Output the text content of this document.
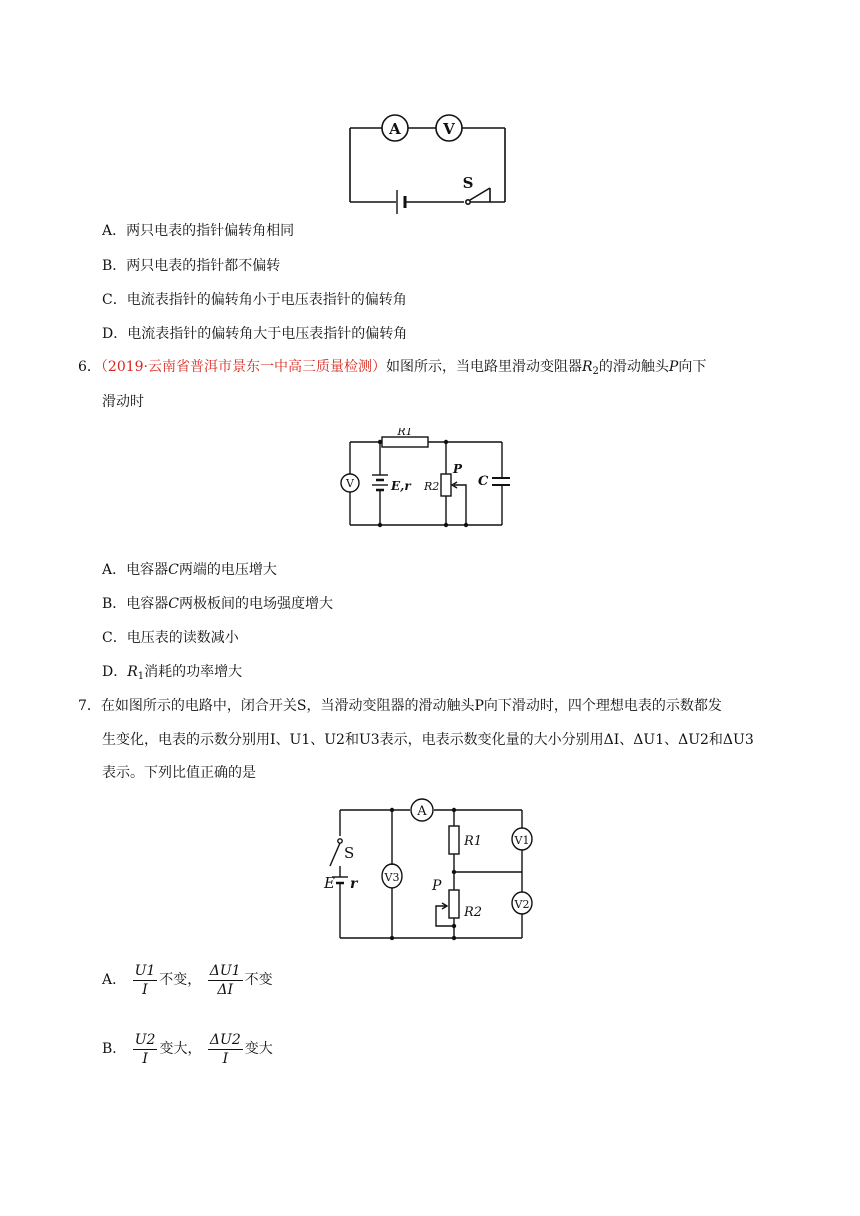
A	V
S
A．两只电表的指针偏转角相同
B．两只电表的指针都不偏转
C．电流表指针的偏转角小于电压表指针的偏转角
D．电流表指针的偏转角大于电压表指针的偏转角
6．（2019·云南省普洱市景东一中高三质量检测）如图所示，当电路里滑动变阻器$R_2$的滑动触头P向下
滑动时
R1
V	E,r R2
P
C
A．电容器C两端的电压增大
B．电容器C两极板间的电场强度增大
C．电压表的读数减小
D．$R_1$消耗的功率增大
7．在如图所示的电路中，闭合开关S，当滑动变阻器的滑动触头P向下滑动时，四个理想电表的示数都发
生变化，电表的示数分别用I、U1、U2和U3表示，电表示数变化量的大小分别用ΔI、ΔU1、ΔU2和ΔU3
表示。下列比值正确的是
A
S
E r V3
R1	V1
P
R2
V2
A． $\frac{U1}{I}$ 不变， $\frac{\Delta U1}{\Delta I}$ 不变
B． $\frac{U2}{I}$ 变大， $\frac{\Delta U2}{I}$ 变大
